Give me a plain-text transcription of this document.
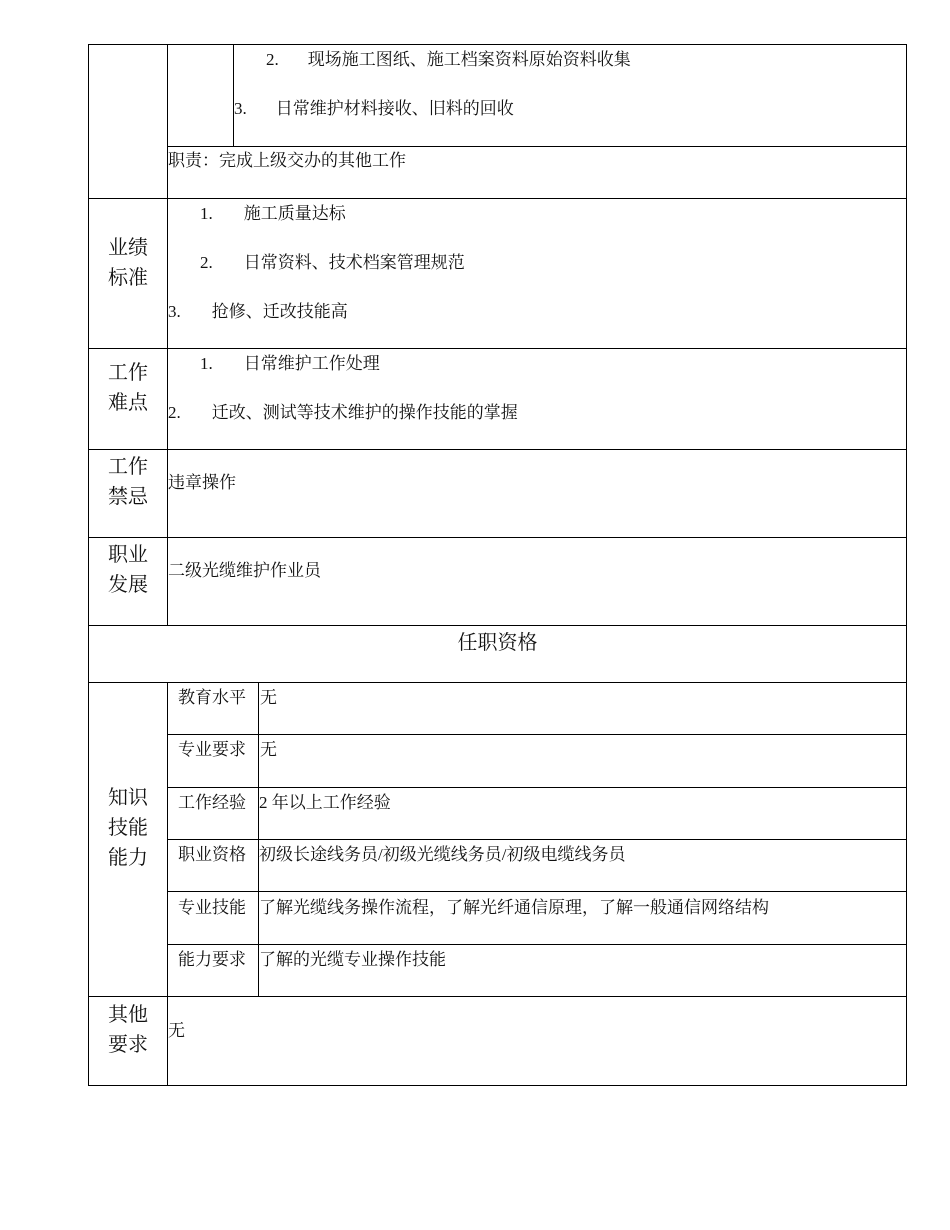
2. 现场施工图纸、施工档案资料原始资料收集
3. 日常维护材料接收、旧料的回收
职责：完成上级交办的其他工作
业绩
标准
1. 施工质量达标
2. 日常资料、技术档案管理规范
3. 抢修、迁改技能高
工作
难点
1. 日常维护工作处理
2. 迁改、测试等技术维护的操作技能的掌握
工作
禁忌
违章操作
职业
发展
二级光缆维护作业员
任职资格
知识
技能
能力
教育水平 无
专业要求 无
工作经验 2 年以上工作经验
职业资格 初级长途线务员/初级光缆线务员/初级电缆线务员
专业技能 了解光缆线务操作流程，了解光纤通信原理，了解一般通信网络结构
能力要求 了解的光缆专业操作技能
其他
要求
无
